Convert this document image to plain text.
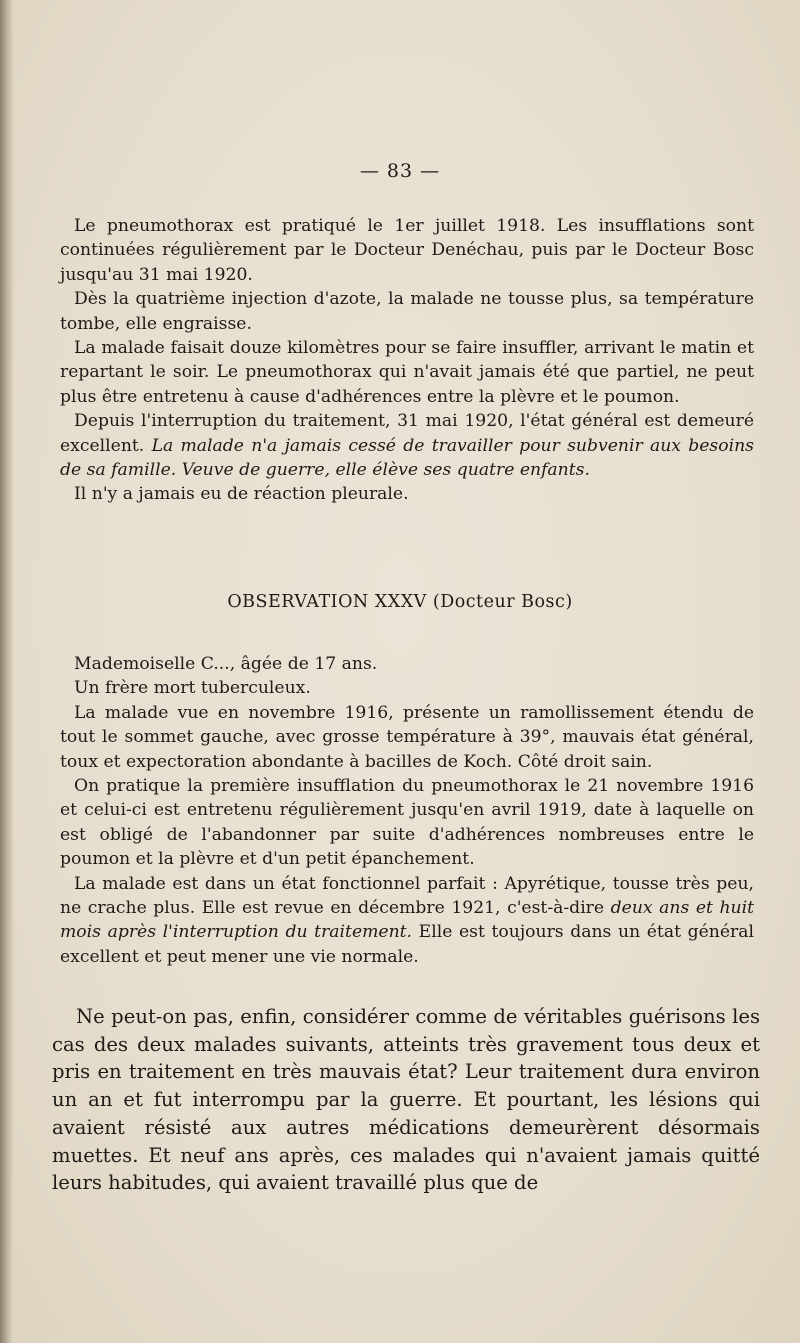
— 83 —

Le pneumothorax est pratiqué le 1er juillet 1918. Les insufflations sont continuées régulièrement par le Docteur Denéchau, puis par le Docteur Bosc jusqu'au 31 mai 1920.

Dès la quatrième injection d'azote, la malade ne tousse plus, sa température tombe, elle engraisse.

La malade faisait douze kilomètres pour se faire insuffler, arrivant le matin et repartant le soir. Le pneumothorax qui n'avait jamais été que partiel, ne peut plus être entretenu à cause d'adhérences entre la plèvre et le poumon.

Depuis l'interruption du traitement, 31 mai 1920, l'état général est demeuré excellent. La malade n'a jamais cessé de travailler pour subvenir aux besoins de sa famille. Veuve de guerre, elle élève ses quatre enfants.

Il n'y a jamais eu de réaction pleurale.

OBSERVATION XXXV (Docteur Bosc)

Mademoiselle C..., âgée de 17 ans.

Un frère mort tuberculeux.

La malade vue en novembre 1916, présente un ramollissement étendu de tout le sommet gauche, avec grosse température à 39°, mauvais état général, toux et expectoration abondante à bacilles de Koch. Côté droit sain.

On pratique la première insufflation du pneumothorax le 21 novembre 1916 et celui-ci est entretenu régulièrement jusqu'en avril 1919, date à laquelle on est obligé de l'abandonner par suite d'adhérences nombreuses entre le poumon et la plèvre et d'un petit épanchement.

La malade est dans un état fonctionnel parfait : Apyrétique, tousse très peu, ne crache plus. Elle est revue en décembre 1921, c'est-à-dire deux ans et huit mois après l'interruption du traitement. Elle est toujours dans un état général excellent et peut mener une vie normale.

Ne peut-on pas, enfin, considérer comme de véritables guérisons les cas des deux malades suivants, atteints très gravement tous deux et pris en traitement en très mauvais état? Leur traitement dura environ un an et fut interrompu par la guerre. Et pourtant, les lésions qui avaient résisté aux autres médications demeurèrent désormais muettes. Et neuf ans après, ces malades qui n'avaient jamais quitté leurs habitudes, qui avaient travaillé plus que de
